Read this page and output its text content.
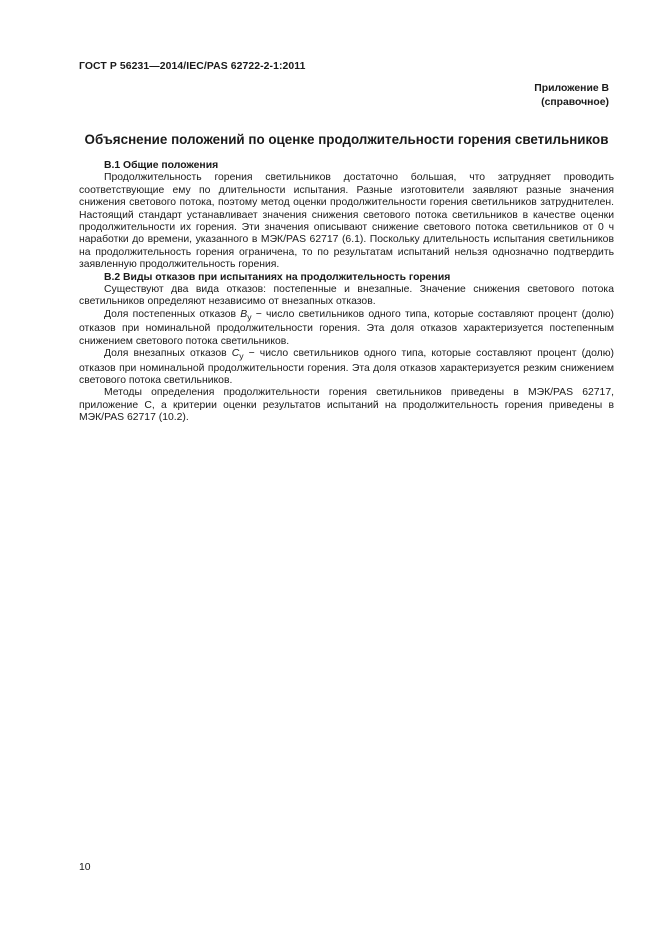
ГОСТ Р 56231—2014/IEC/PAS 62722-2-1:2011
Приложение В
(справочное)
Объяснение положений по оценке продолжительности горения светильников

В.1 Общие положения

Продолжительность горения светильников достаточно большая, что затрудняет проводить соответствующие ему по длительности испытания. Разные изготовители заявляют разные значения снижения светового потока, поэтому метод оценки продолжительности горения светильников затруднителен. Настоящий стандарт устанавливает значения снижения светового потока светильников в качестве оценки продолжительности их горения. Эти значения описывают снижение светового потока светильников от 0 ч наработки до времени, указанного в МЭК/PAS 62717 (6.1). Поскольку длительность испытания светильников на продолжительность горения ограничена, то по результатам испытаний нельзя однозначно подтвердить заявленную продолжительность горения.

В.2 Виды отказов при испытаниях на продолжительность горения

Существуют два вида отказов: постепенные и внезапные. Значение снижения светового потока светильников определяют независимо от внезапных отказов.

Доля постепенных отказов $B_y$ − число светильников одного типа, которые составляют процент (долю) отказов при номинальной продолжительности горения. Эта доля отказов характеризуется постепенным снижением светового потока светильников.

Доля внезапных отказов $C_y$ − число светильников одного типа, которые составляют процент (долю) отказов при номинальной продолжительности горения. Эта доля отказов характеризуется резким снижением светового потока светильников.

Методы определения продолжительности горения светильников приведены в МЭК/PAS 62717, приложение С, а критерии оценки результатов испытаний на продолжительность горения приведены в МЭК/PAS 62717 (10.2).

10
